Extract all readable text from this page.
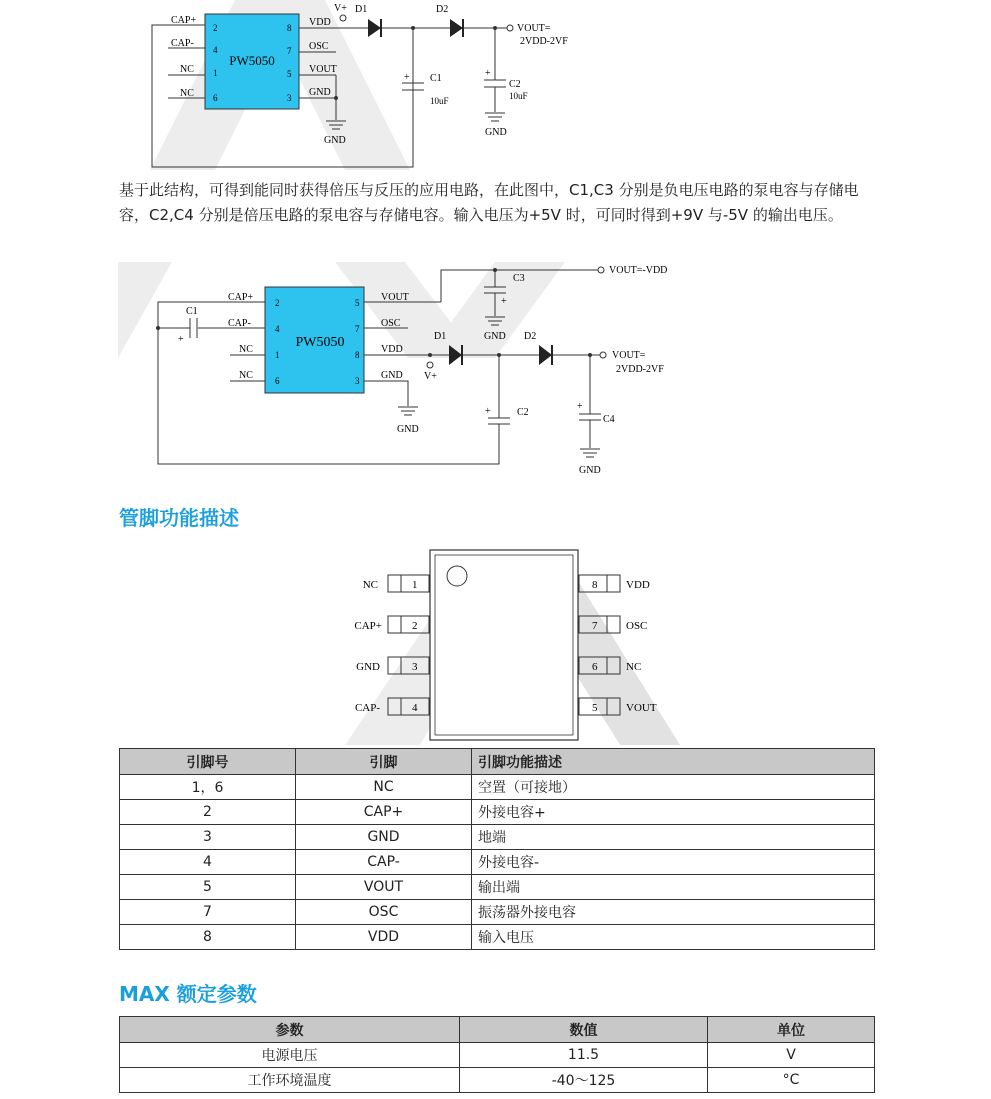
PW5050
CAP+
2
CAP-
4
NC 1
NC 6
8 VDD
7 OSC
5 VOUT
3 GND
GND
V+ D1	D2
VOUT=
2VDD-2VF
+ C1
10uF
+
C2
10uF
GND
基于此结构，可得到能同时获得倍压与反压的应用电路，在此图中，C1,C3 分别是负电压电路的泵电容与存储电容，C2,C4 分别是倍压电路的泵电容与存储电容。输入电压为+5V 时，可同时得到+9V 与-5V 的输出电压。
PW5050
C1
+
CAP+ 2
CAP-	4
NC 1
NC 6
5 VOUT
7 OSC
8 VDD
3 GND
GND
C3
+
GND
VOUT=-VDD
V+
D1	D2
VOUT=
2VDD-2VF
+	C2
+
C4
GND
管脚功能描述
1
NC
2
CAP+
3
GND
4
CAP-
8	VDD
7	OSC
6	NC
5	VOUT
引脚号	引脚	引脚功能描述
1，6	NC	空置（可接地）
2	CAP+	外接电容+
3	GND	地端
4	CAP-	外接电容-
5	VOUT	输出端
7	OSC	振荡器外接电容
8	VDD	输入电压
MAX 额定参数
参数	数值	单位
电源电压	11.5	V
工作环境温度	-40～125	°C
